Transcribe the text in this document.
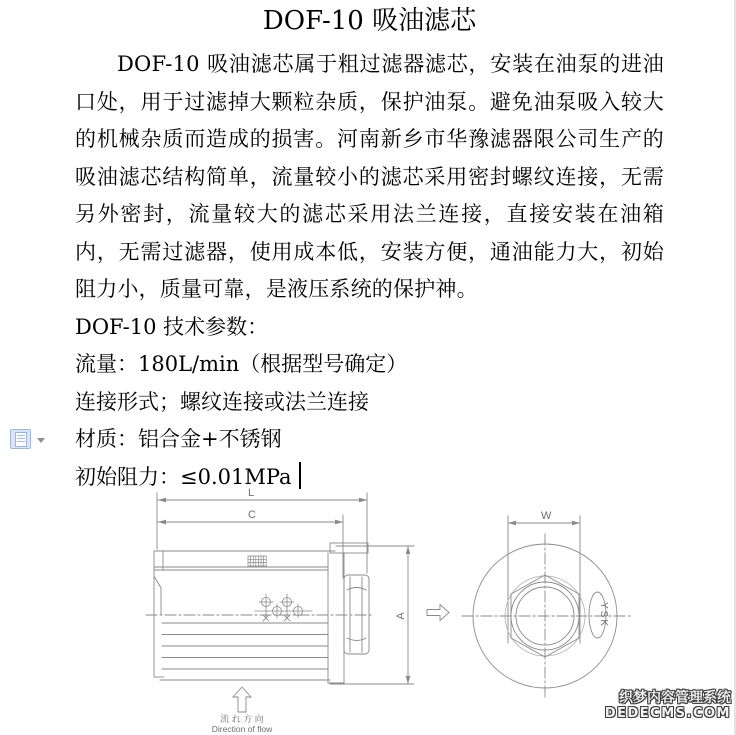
DOF-10 吸油滤芯

DOF-10 吸油滤芯属于粗过滤器滤芯，安装在油泵的进油口处，用于过滤掉大颗粒杂质，保护油泵。避免油泵吸入较大的机械杂质而造成的损害。河南新乡市华豫滤器限公司生产的吸油滤芯结构简单，流量较小的滤芯采用密封螺纹连接，无需另外密封，流量较大的滤芯采用法兰连接，直接安装在油箱内，无需过滤器，使用成本低，安装方便，通油能力大，初始阻力小，质量可靠，是液压系统的保护神。

DOF-10 技术参数：
流量：180L/min（根据型号确定）
连接形式；螺纹连接或法兰连接
材质：铝合金+不锈钢
初始阻力：≤0.01MPa
L
C
A
流 れ 方 向
Direction of flow
W
YSK
织梦内容管理系统
DEDECMS.COM
